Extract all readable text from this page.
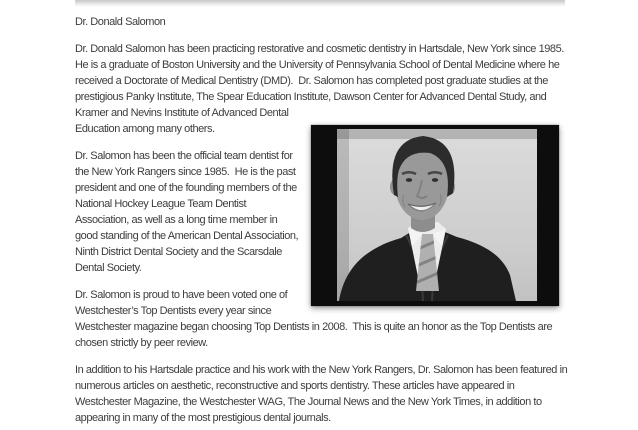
Dr. Donald Salomon

Dr. Donald Salomon has been practicing restorative and cosmetic dentistry in Hartsdale, New York since 1985.  He is a graduate of Boston University and the University of Pennsylvania School of Dental Medicine where he received a Doctorate of Medical Dentistry (DMD).  Dr. Salomon has completed post graduate studies at the prestigious Panky Institute, The Spear Education Institute, Dawson Center for Advanced Dental Study, and Kramer and Nevins Institute of Advanced Dental Education among many others.

Dr. Salomon has been the official team dentist for the New York Rangers since 1985.  He is the past president and one of the founding members of the National Hockey League Team Dentist Association, as well as a long time member in good standing of the American Dental Association, Ninth District Dental Society and the Scarsdale Dental Society.

Dr. Salomon is proud to have been voted one of Westchester’s Top Dentists every year since Westchester magazine began choosing Top Dentists in 2008.  This is quite an honor as the Top Dentists are chosen strictly by peer review.

In addition to his Hartsdale practice and his work with the New York Rangers, Dr. Salomon has been featured in numerous articles on aesthetic, reconstructive and sports dentistry. These articles have appeared in Westchester Magazine, the Westchester WAG, The Journal News and the New York Times, in addition to appearing in many of the most prestigious dental journals.
